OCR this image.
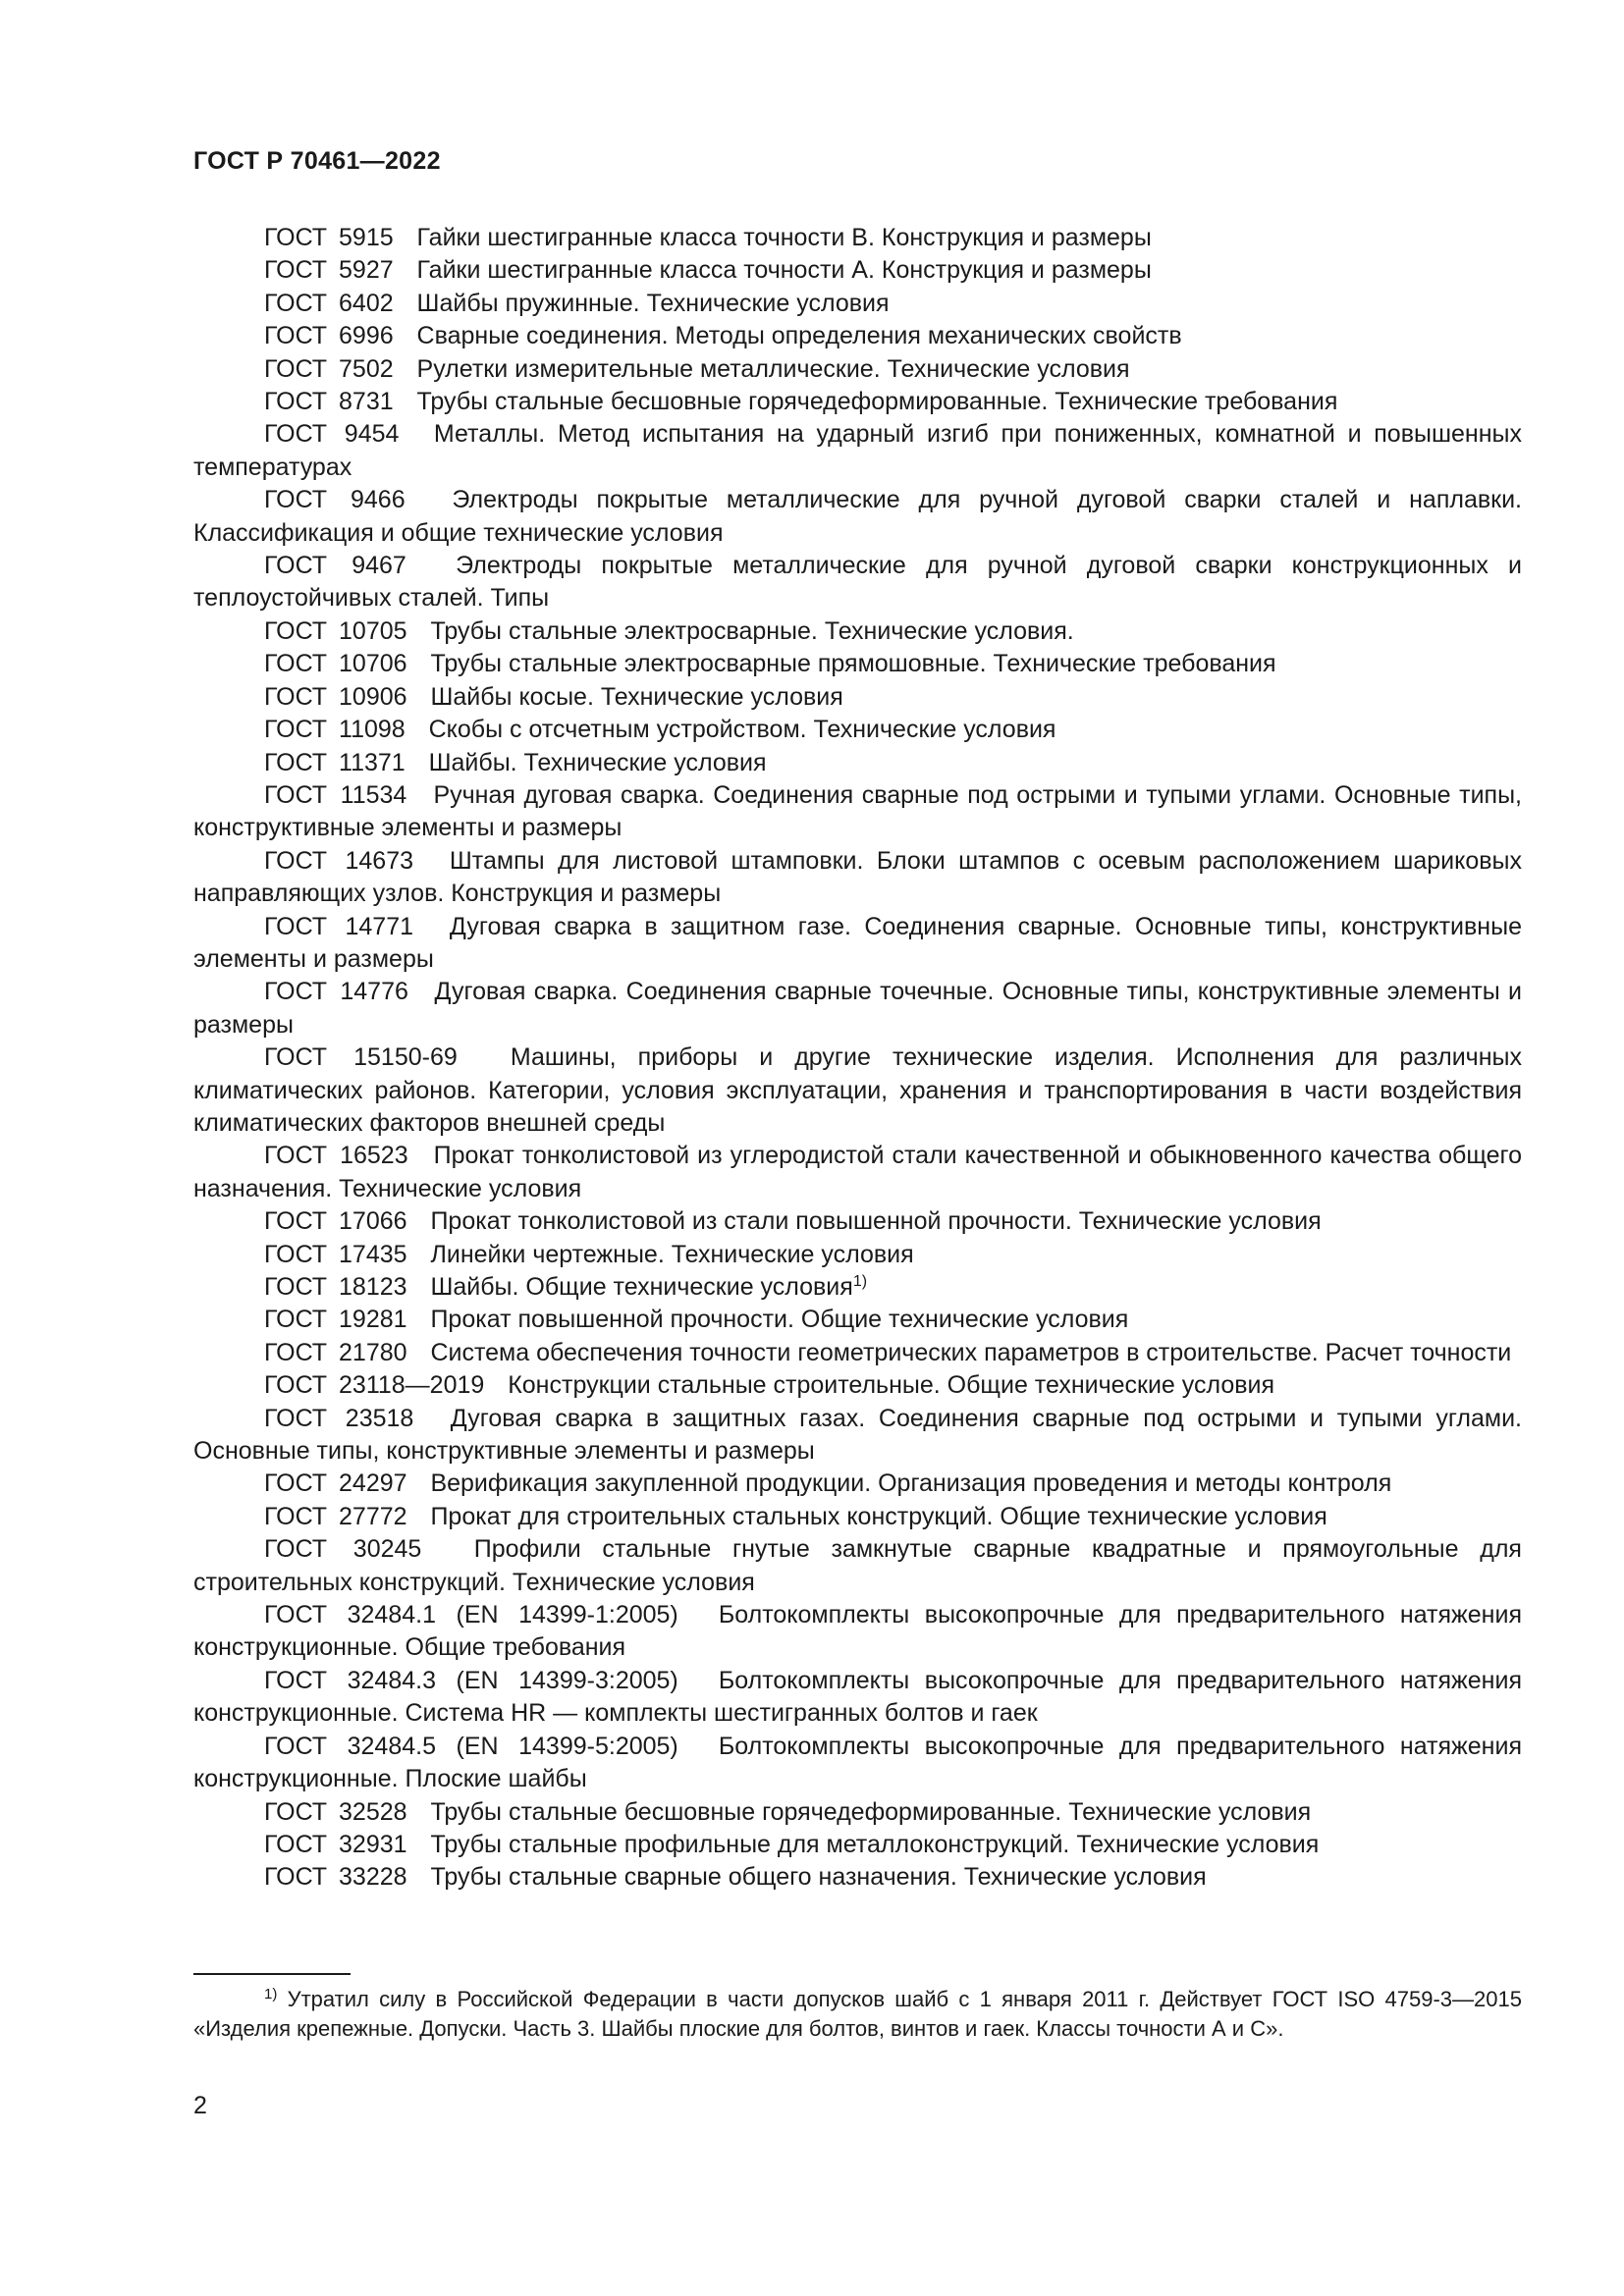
ГОСТ Р 70461—2022

ГОСТ 5915 Гайки шестигранные класса точности В. Конструкция и размеры

ГОСТ 5927 Гайки шестигранные класса точности А. Конструкция и размеры

ГОСТ 6402 Шайбы пружинные. Технические условия

ГОСТ 6996 Сварные соединения. Методы определения механических свойств

ГОСТ 7502 Рулетки измерительные металлические. Технические условия

ГОСТ 8731 Трубы стальные бесшовные горячедеформированные. Технические требования

ГОСТ 9454 Металлы. Метод испытания на ударный изгиб при пониженных, комнатной и повышенных температурах

ГОСТ 9466 Электроды покрытые металлические для ручной дуговой сварки сталей и наплавки. Классификация и общие технические условия

ГОСТ 9467 Электроды покрытые металлические для ручной дуговой сварки конструкционных и теплоустойчивых сталей. Типы

ГОСТ 10705 Трубы стальные электросварные. Технические условия.

ГОСТ 10706 Трубы стальные электросварные прямошовные. Технические требования

ГОСТ 10906 Шайбы косые. Технические условия

ГОСТ 11098 Скобы с отсчетным устройством. Технические условия

ГОСТ 11371 Шайбы. Технические условия

ГОСТ 11534 Ручная дуговая сварка. Соединения сварные под острыми и тупыми углами. Основные типы, конструктивные элементы и размеры

ГОСТ 14673 Штампы для листовой штамповки. Блоки штампов с осевым расположением шариковых направляющих узлов. Конструкция и размеры

ГОСТ 14771 Дуговая сварка в защитном газе. Соединения сварные. Основные типы, конструктивные элементы и размеры

ГОСТ 14776 Дуговая сварка. Соединения сварные точечные. Основные типы, конструктивные элементы и размеры

ГОСТ 15150-69 Машины, приборы и другие технические изделия. Исполнения для различных климатических районов. Категории, условия эксплуатации, хранения и транспортирования в части воздействия климатических факторов внешней среды

ГОСТ 16523 Прокат тонколистовой из углеродистой стали качественной и обыкновенного качества общего назначения. Технические условия

ГОСТ 17066 Прокат тонколистовой из стали повышенной прочности. Технические условия

ГОСТ 17435 Линейки чертежные. Технические условия

ГОСТ 18123 Шайбы. Общие технические условия$^{1)}$

ГОСТ 19281 Прокат повышенной прочности. Общие технические условия

ГОСТ 21780 Система обеспечения точности геометрических параметров в строительстве. Расчет точности

ГОСТ 23118—2019 Конструкции стальные строительные. Общие технические условия

ГОСТ 23518 Дуговая сварка в защитных газах. Соединения сварные под острыми и тупыми углами. Основные типы, конструктивные элементы и размеры

ГОСТ 24297 Верификация закупленной продукции. Организация проведения и методы контроля

ГОСТ 27772 Прокат для строительных стальных конструкций. Общие технические условия

ГОСТ 30245 Профили стальные гнутые замкнутые сварные квадратные и прямоугольные для строительных конструкций. Технические условия

ГОСТ 32484.1 (EN 14399-1:2005) Болтокомплекты высокопрочные для предварительного натяжения конструкционные. Общие требования

ГОСТ 32484.3 (EN 14399-3:2005) Болтокомплекты высокопрочные для предварительного натяжения конструкционные. Система HR — комплекты шестигранных болтов и гаек

ГОСТ 32484.5 (EN 14399-5:2005) Болтокомплекты высокопрочные для предварительного натяжения конструкционные. Плоские шайбы

ГОСТ 32528 Трубы стальные бесшовные горячедеформированные. Технические условия

ГОСТ 32931 Трубы стальные профильные для металлоконструкций. Технические условия

ГОСТ 33228 Трубы стальные сварные общего назначения. Технические условия

$^{1)}$ Утратил силу в Российской Федерации в части допусков шайб с 1 января 2011 г. Действует ГОСТ ISO 4759-3—2015 «Изделия крепежные. Допуски. Часть 3. Шайбы плоские для болтов, винтов и гаек. Классы точности А и С».

2
